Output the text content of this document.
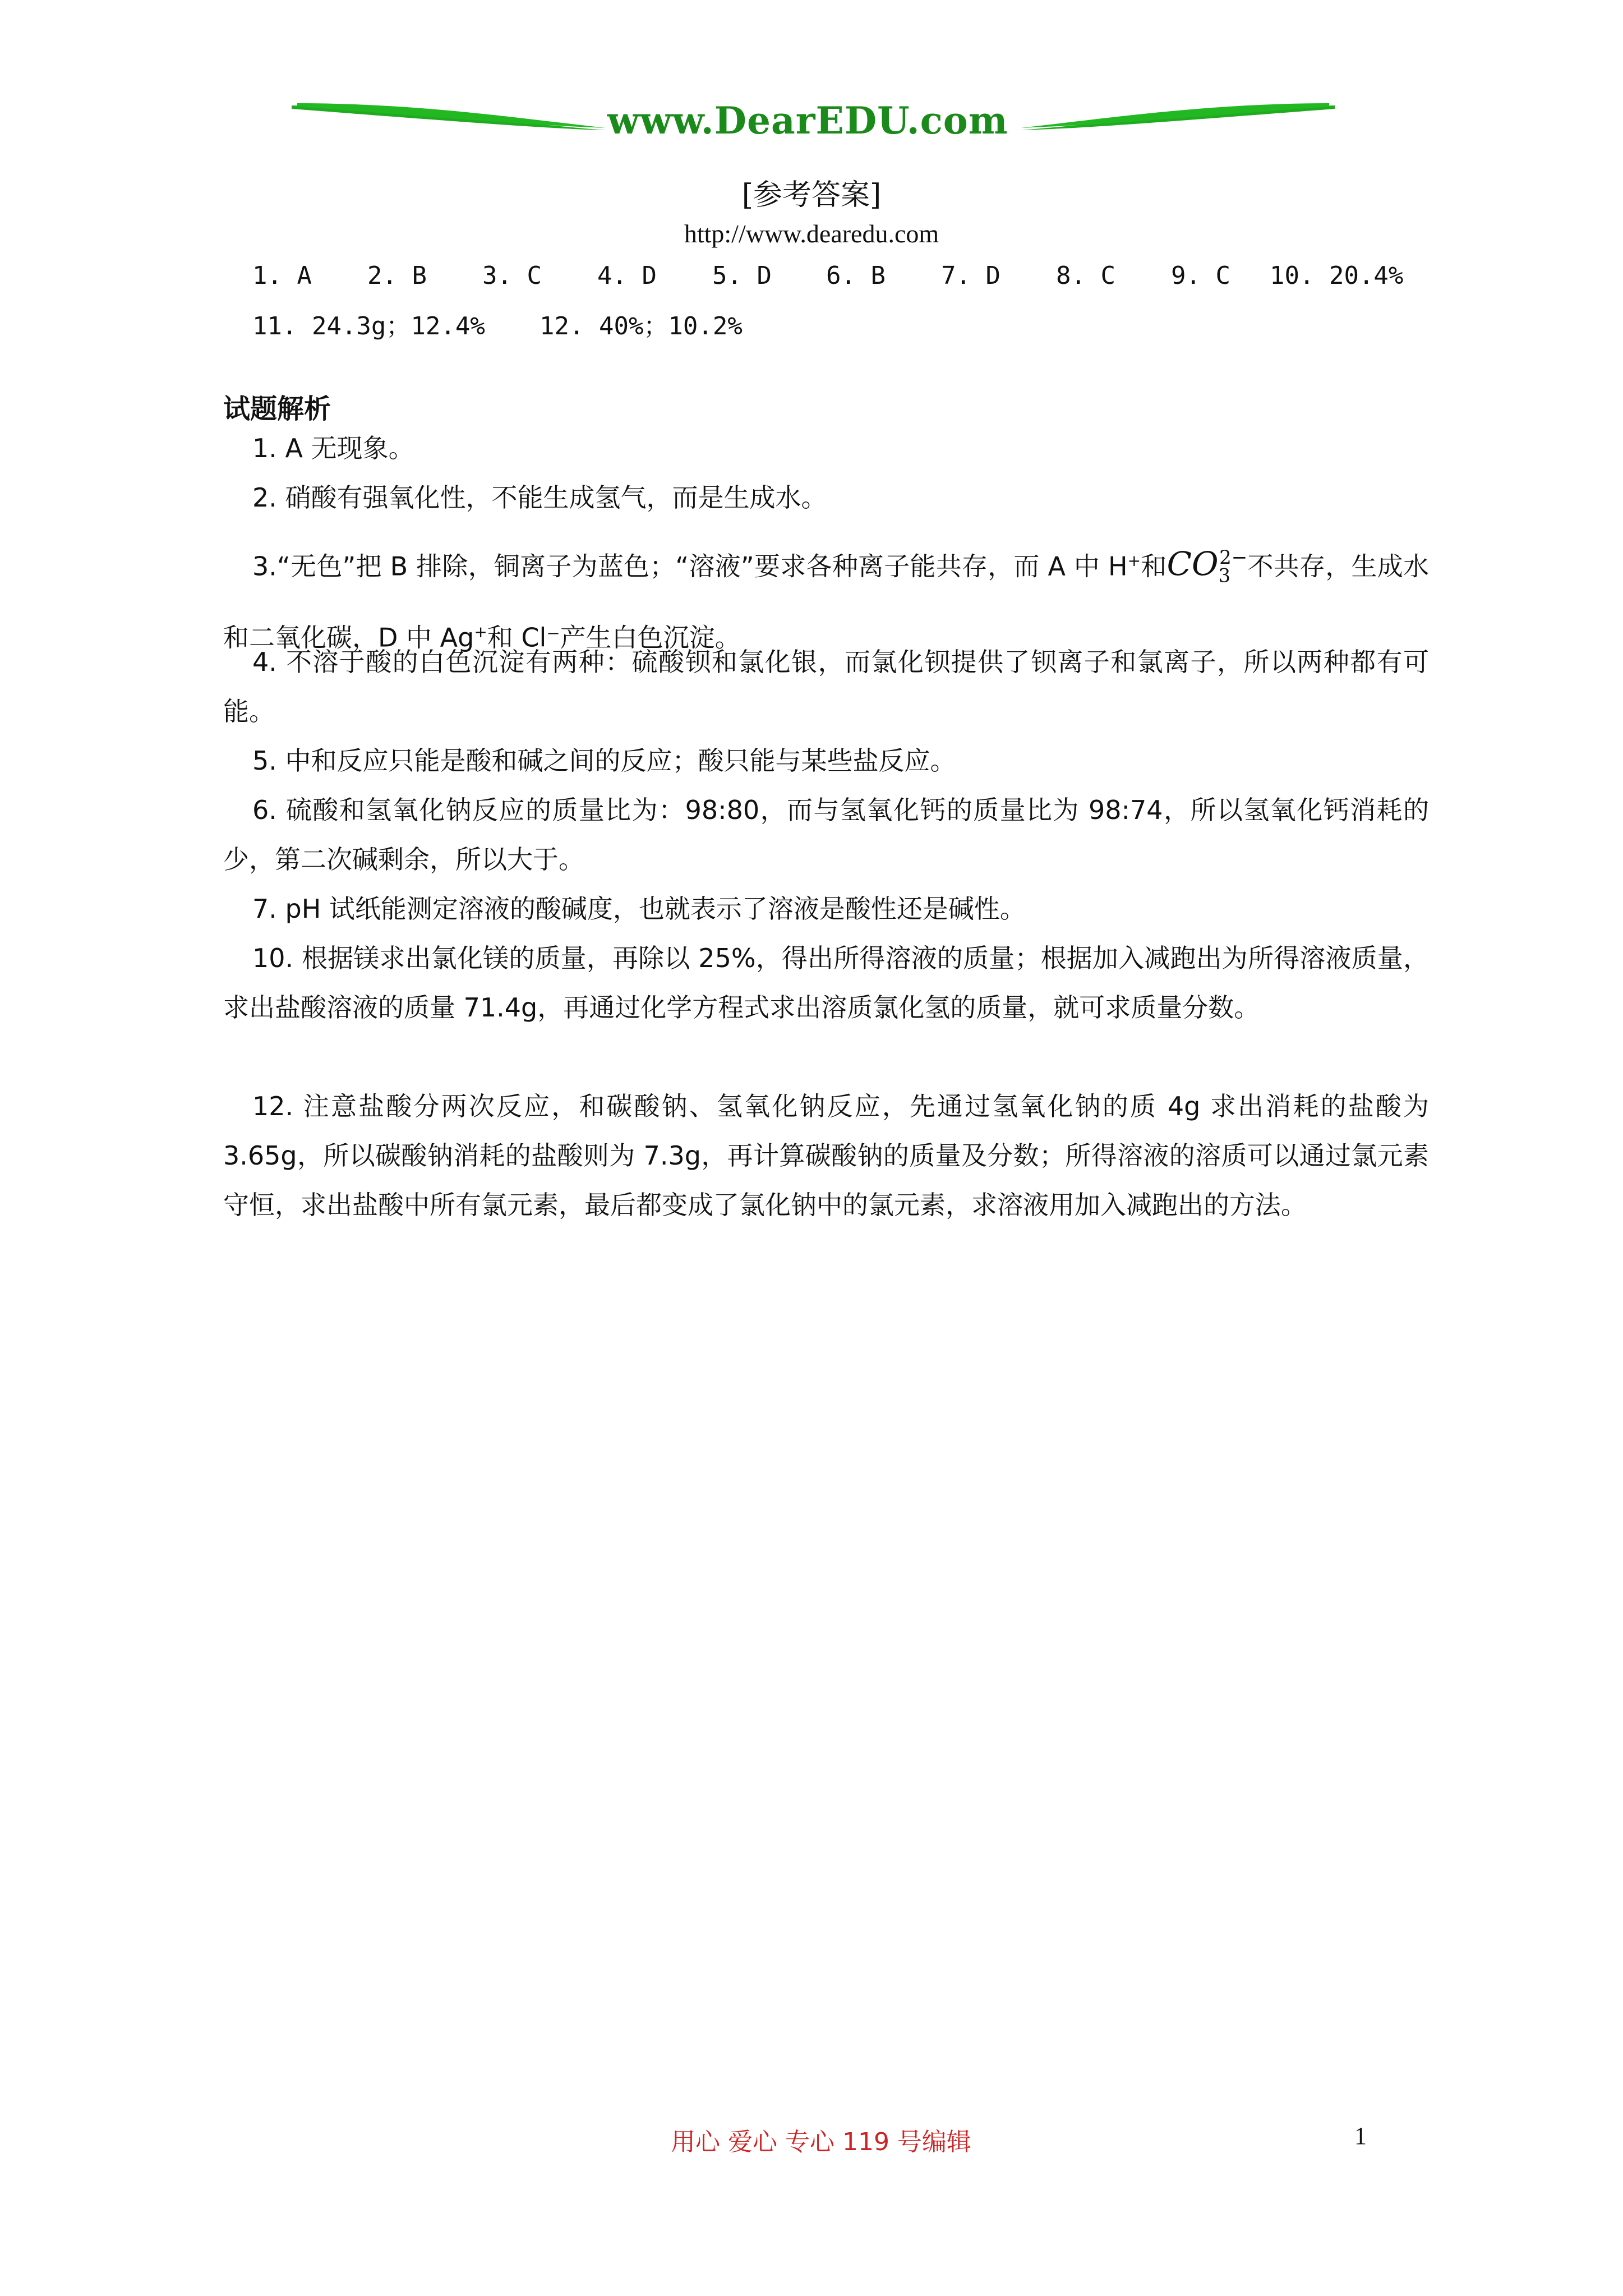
www.DearEDU.com
[参考答案]
http://www.dearedu.com
1. A 2. B 3. C 4. D 5. D 6. B 7. D 8. C 9. C 10. 20.4%
11. 24.3g；12.4% 12. 40%；10.2%
试题解析
1. A 无现象。
2. 硝酸有强氧化性，不能生成氢气，而是生成水。
3.“无色”把 B 排除，铜离子为蓝色；“溶液”要求各种离子能共存，而 A 中 H+和$CO_3^{2-}$不共存，生成水和二氧化碳，D 中 Ag+和 Cl⁻产生白色沉淀。
4. 不溶于酸的白色沉淀有两种：硫酸钡和氯化银，而氯化钡提供了钡离子和氯离子，所以两种都有可能。
5. 中和反应只能是酸和碱之间的反应；酸只能与某些盐反应。
6. 硫酸和氢氧化钠反应的质量比为：98:80，而与氢氧化钙的质量比为 98:74，所以氢氧化钙消耗的少，第二次碱剩余，所以大于。
7. pH 试纸能测定溶液的酸碱度，也就表示了溶液是酸性还是碱性。
10. 根据镁求出氯化镁的质量，再除以 25%，得出所得溶液的质量；根据加入减跑出为所得溶液质量，求出盐酸溶液的质量 71.4g，再通过化学方程式求出溶质氯化氢的质量，就可求质量分数。
12. 注意盐酸分两次反应，和碳酸钠、氢氧化钠反应，先通过氢氧化钠的质 4g 求出消耗的盐酸为 3.65g，所以碳酸钠消耗的盐酸则为 7.3g，再计算碳酸钠的质量及分数；所得溶液的溶质可以通过氯元素守恒，求出盐酸中所有氯元素，最后都变成了氯化钠中的氯元素，求溶液用加入减跑出的方法。
用心 爱心 专心 119 号编辑	1
